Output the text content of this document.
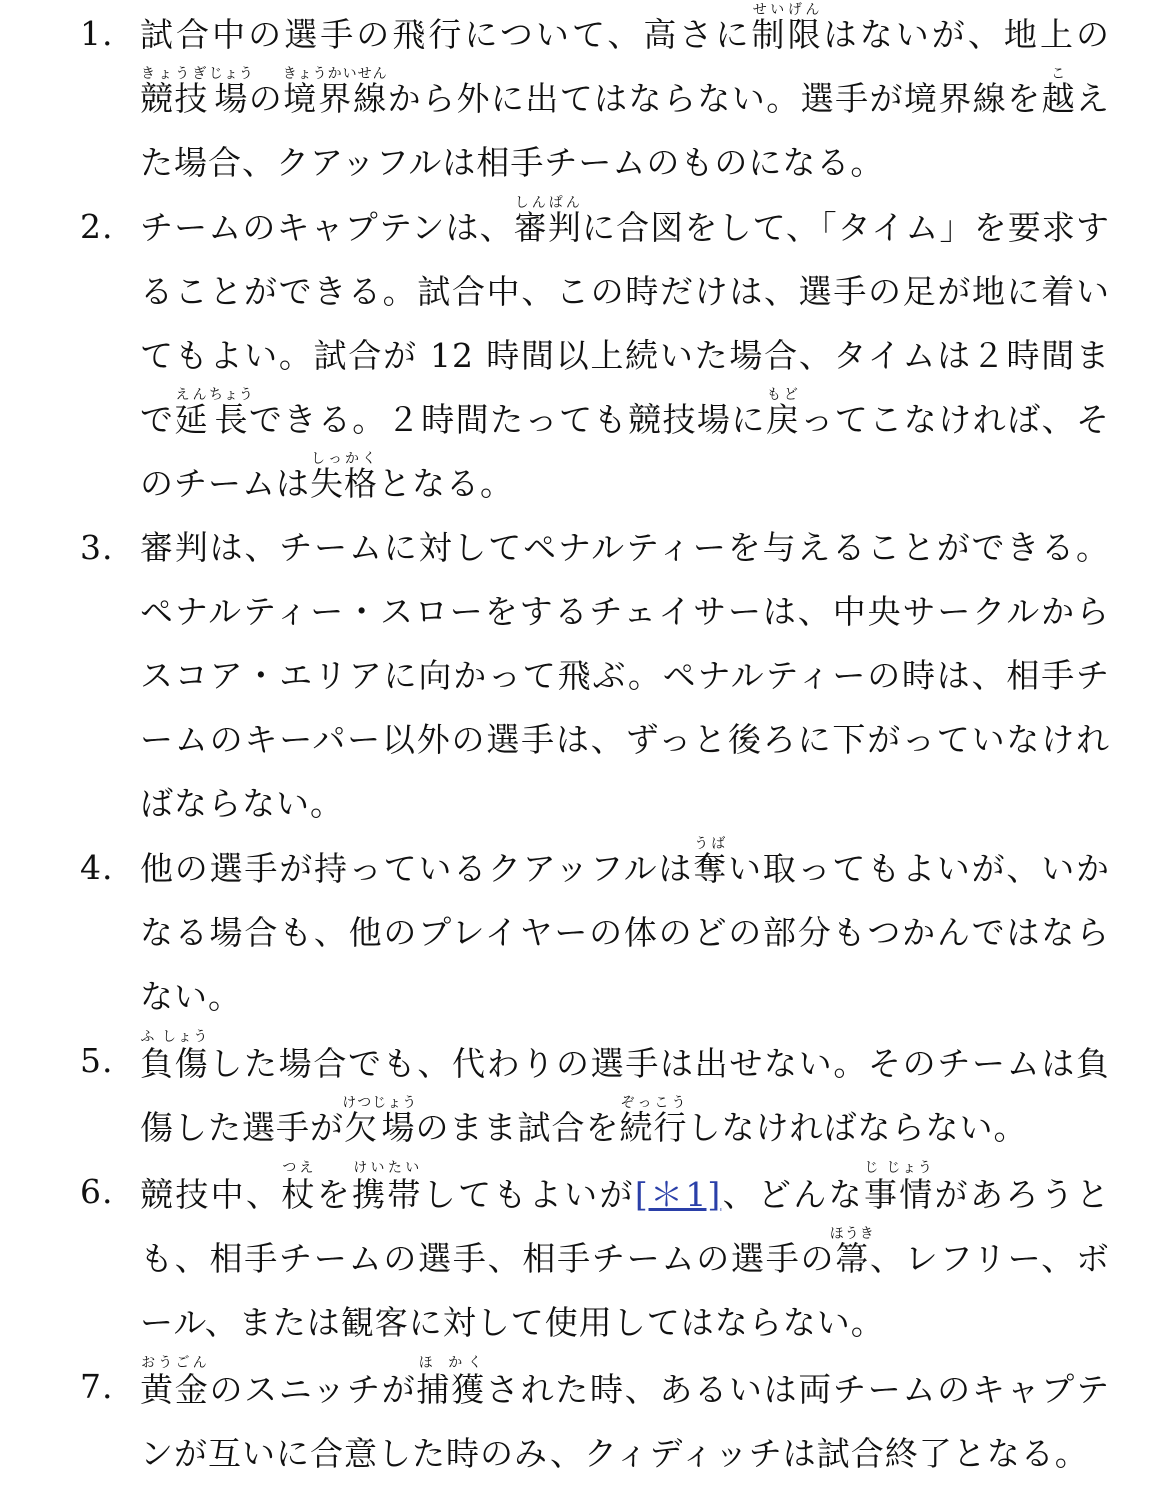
1. 試合中の選手の飛行について、高さに制限せいげんはないが、地上の競技きょうぎ場じょうの境界線きょうかいせんから外に出てはならない。選手が境界線を越こえた場合、クアッフルは相手チームのものになる。
2. チームのキャプテンは、審判しんぱんに合図をして、「タイム」を要求することができる。試合中、この時だけは、選手の足が地に着いてもよい。試合が 12 時間以上続いた場合、タイムは２時間まで延えん長ちょうできる。２時間たっても競技場に戻もどってこなければ、そのチームは失格しっかくとなる。
3. 審判は、チームに対してペナルティーを与えることができる。ペナルティー・スローをするチェイサーは、中央サークルからスコア・エリアに向かって飛ぶ。ペナルティーの時は、相手チームのキーパー以外の選手は、ずっと後ろに下がっていなければならない。
4. 他の選手が持っているクアッフルは奪うばい取ってもよいが、いかなる場合も、他のプレイヤーの体のどの部分もつかんではならない。
5. 負傷ふ しょうした場合でも、代わりの選手は出せない。そのチームは負傷した選手が欠場けつじょうのまま試合を続行ぞっこうしなければならない。
6. 競技中、杖つえを携帯けいたいしてもよいが[＊1]、どんな事情じ じょうがあろうとも、相手チームの選手、相手チームの選手の箒ほうき、レフリー、ボール、または観客に対して使用してはならない。
7. 黄金おうごんのスニッチが捕獲ほ かくされた時、あるいは両チームのキャプテンが互いに合意した時のみ、クィディッチは試合終了となる。
